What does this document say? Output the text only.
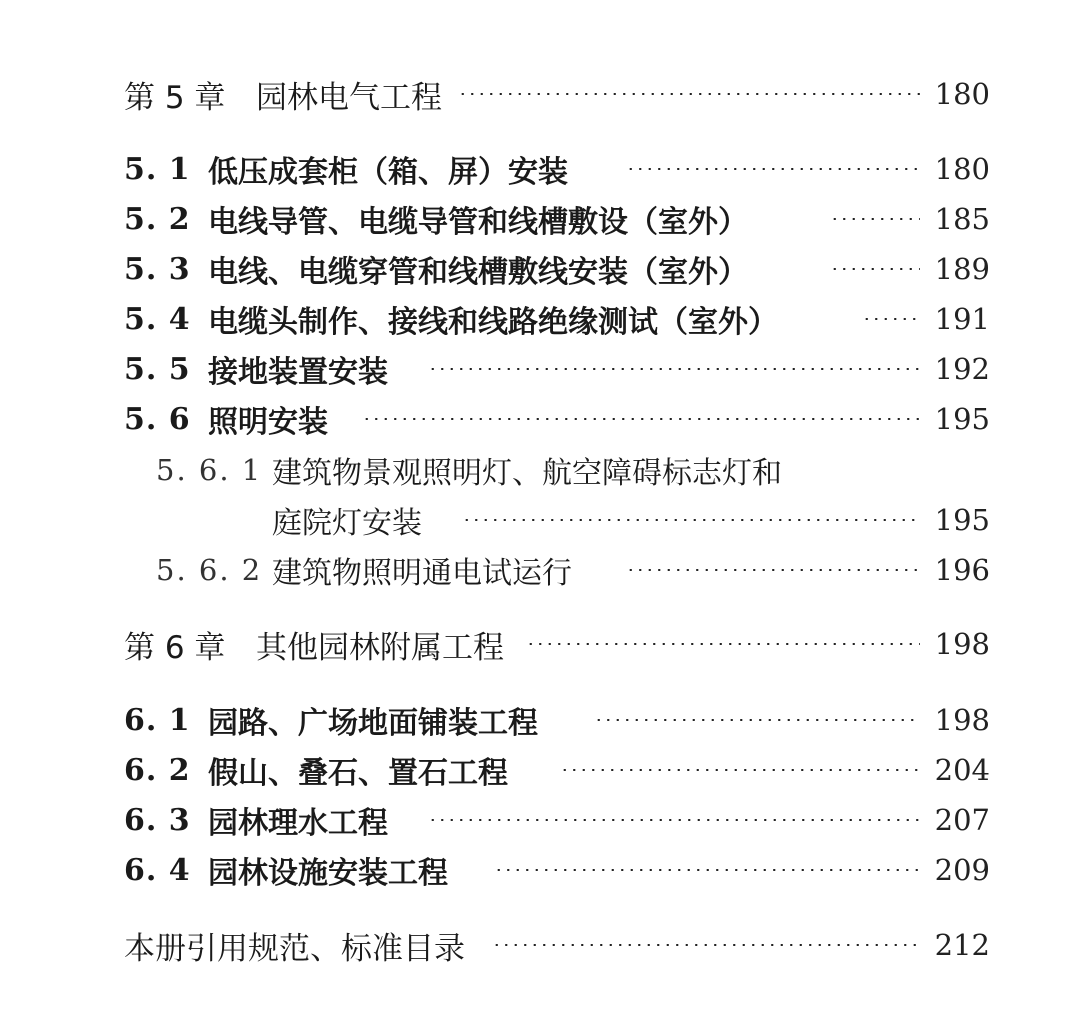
第 5 章 园林电气工程	180
5. 1 低压成套柜（箱、屏）安装	180
5. 2 电线导管、电缆导管和线槽敷设（室外）	185
5. 3 电线、电缆穿管和线槽敷线安装（室外）	189
5. 4 电缆头制作、接线和线路绝缘测试（室外）	191
5. 5 接地装置安装	192
5. 6 照明安装	195
5. 6. 1 建筑物景观照明灯、航空障碍标志灯和
庭院灯安装	195
5. 6. 2 建筑物照明通电试运行	196
第 6 章 其他园林附属工程	198
6. 1 园路、广场地面铺装工程	198
6. 2 假山、叠石、置石工程	204
6. 3 园林理水工程	207
6. 4 园林设施安装工程	209
本册引用规范、标准目录	212
